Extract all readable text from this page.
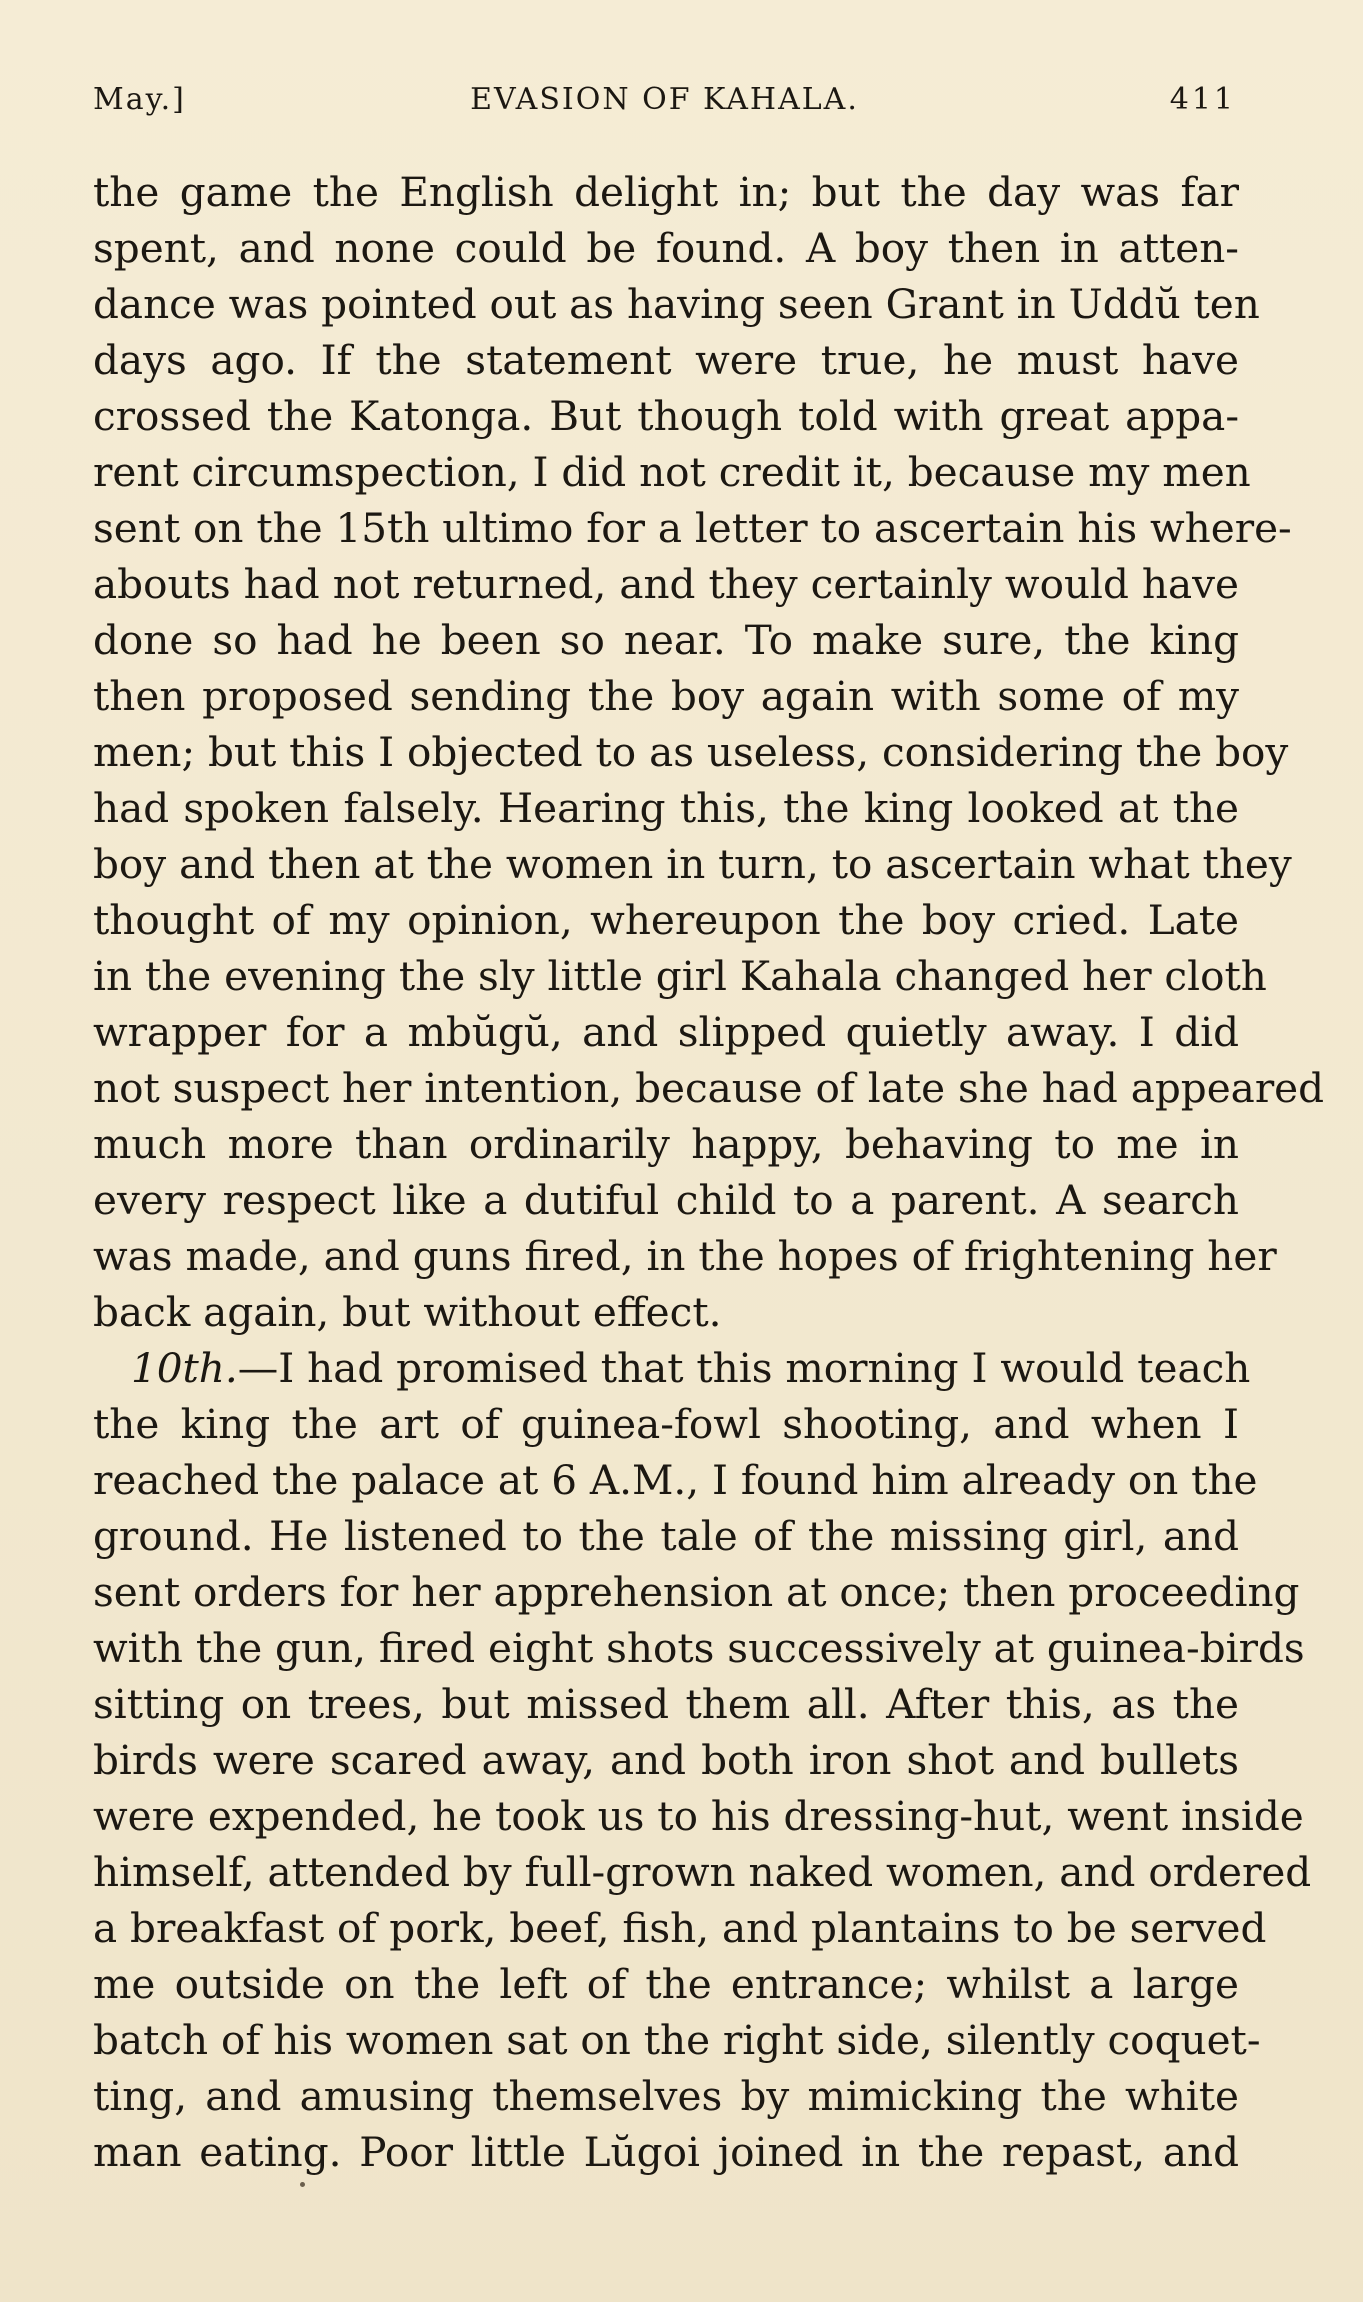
May.]	EVASION OF KAHALA.	411
the game the English delight in; but the day was far
spent, and none could be found. A boy then in atten-
dance was pointed out as having seen Grant in Uddŭ ten
days ago. If the statement were true, he must have
crossed the Katonga. But though told with great appa-
rent circumspection, I did not credit it, because my men
sent on the 15th ultimo for a letter to ascertain his where-
abouts had not returned, and they certainly would have
done so had he been so near. To make sure, the king
then proposed sending the boy again with some of my
men; but this I objected to as useless, considering the boy
had spoken falsely. Hearing this, the king looked at the
boy and then at the women in turn, to ascertain what they
thought of my opinion, whereupon the boy cried. Late
in the evening the sly little girl Kahala changed her cloth
wrapper for a mbŭgŭ, and slipped quietly away. I did
not suspect her intention, because of late she had appeared
much more than ordinarily happy, behaving to me in
every respect like a dutiful child to a parent. A search
was made, and guns fired, in the hopes of frightening her
back again, but without effect.
10th.—I had promised that this morning I would teach
the king the art of guinea-fowl shooting, and when I
reached the palace at 6 A.M., I found him already on the
ground. He listened to the tale of the missing girl, and
sent orders for her apprehension at once; then proceeding
with the gun, fired eight shots successively at guinea-birds
sitting on trees, but missed them all. After this, as the
birds were scared away, and both iron shot and bullets
were expended, he took us to his dressing-hut, went inside
himself, attended by full-grown naked women, and ordered
a breakfast of pork, beef, fish, and plantains to be served
me outside on the left of the entrance; whilst a large
batch of his women sat on the right side, silently coquet-
ting, and amusing themselves by mimicking the white
man eating. Poor little Lŭgoi joined in the repast, and
